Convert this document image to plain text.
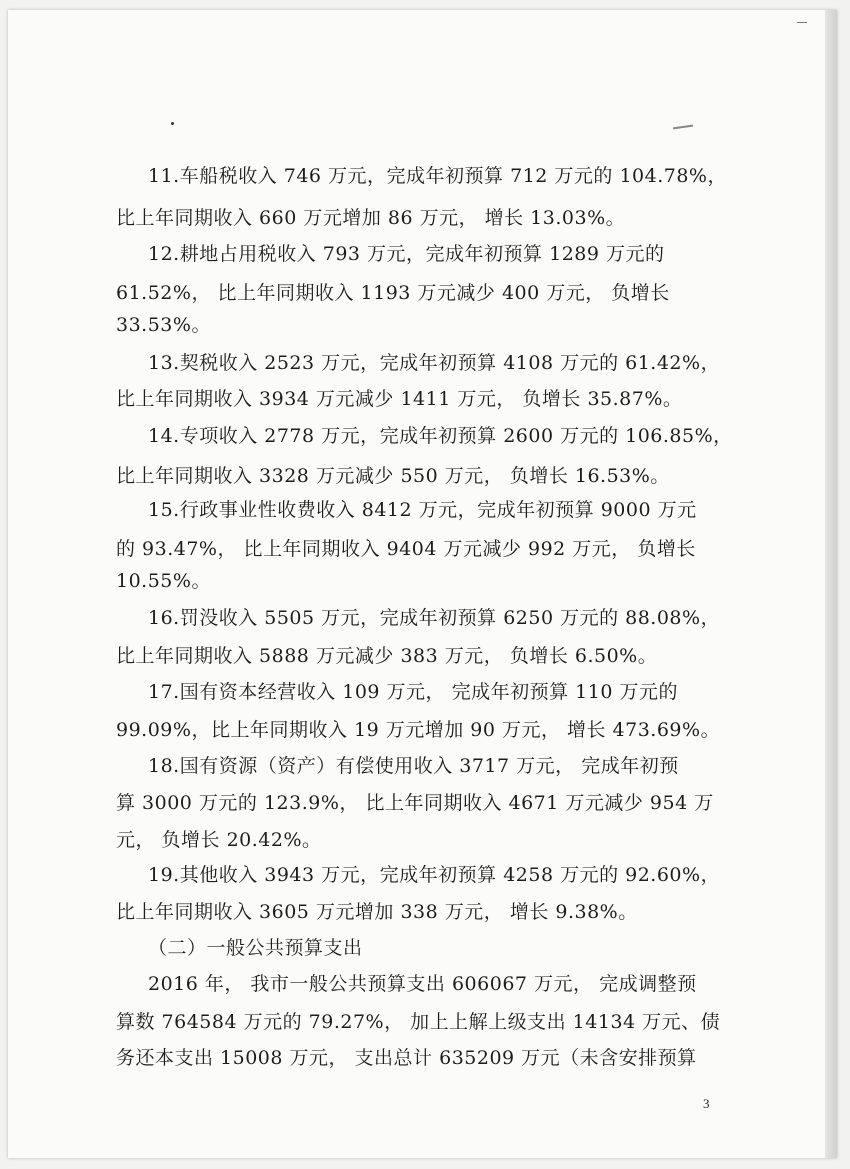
11.车船税收入 746 万元，完成年初预算 712 万元的 104.78%，
比上年同期收入 660 万元增加 86 万元， 增长 13.03%。
12.耕地占用税收入 793 万元，完成年初预算 1289 万元的
61.52%， 比上年同期收入 1193 万元减少 400 万元， 负增长
33.53%。
13.契税收入 2523 万元，完成年初预算 4108 万元的 61.42%，
比上年同期收入 3934 万元减少 1411 万元， 负增长 35.87%。
14.专项收入 2778 万元，完成年初预算 2600 万元的 106.85%，
比上年同期收入 3328 万元减少 550 万元， 负增长 16.53%。
15.行政事业性收费收入 8412 万元，完成年初预算 9000 万元
的 93.47%， 比上年同期收入 9404 万元减少 992 万元， 负增长
10.55%。
16.罚没收入 5505 万元，完成年初预算 6250 万元的 88.08%，
比上年同期收入 5888 万元减少 383 万元， 负增长 6.50%。
17.国有资本经营收入 109 万元， 完成年初预算 110 万元的
99.09%，比上年同期收入 19 万元增加 90 万元， 增长 473.69%。
18.国有资源（资产）有偿使用收入 3717 万元， 完成年初预
算 3000 万元的 123.9%， 比上年同期收入 4671 万元减少 954 万
元， 负增长 20.42%。
19.其他收入 3943 万元，完成年初预算 4258 万元的 92.60%，
比上年同期收入 3605 万元增加 338 万元， 增长 9.38%。
（二）一般公共预算支出
2016 年， 我市一般公共预算支出 606067 万元， 完成调整预
算数 764584 万元的 79.27%， 加上上解上级支出 14134 万元、债
务还本支出 15008 万元， 支出总计 635209 万元（未含安排预算
3
